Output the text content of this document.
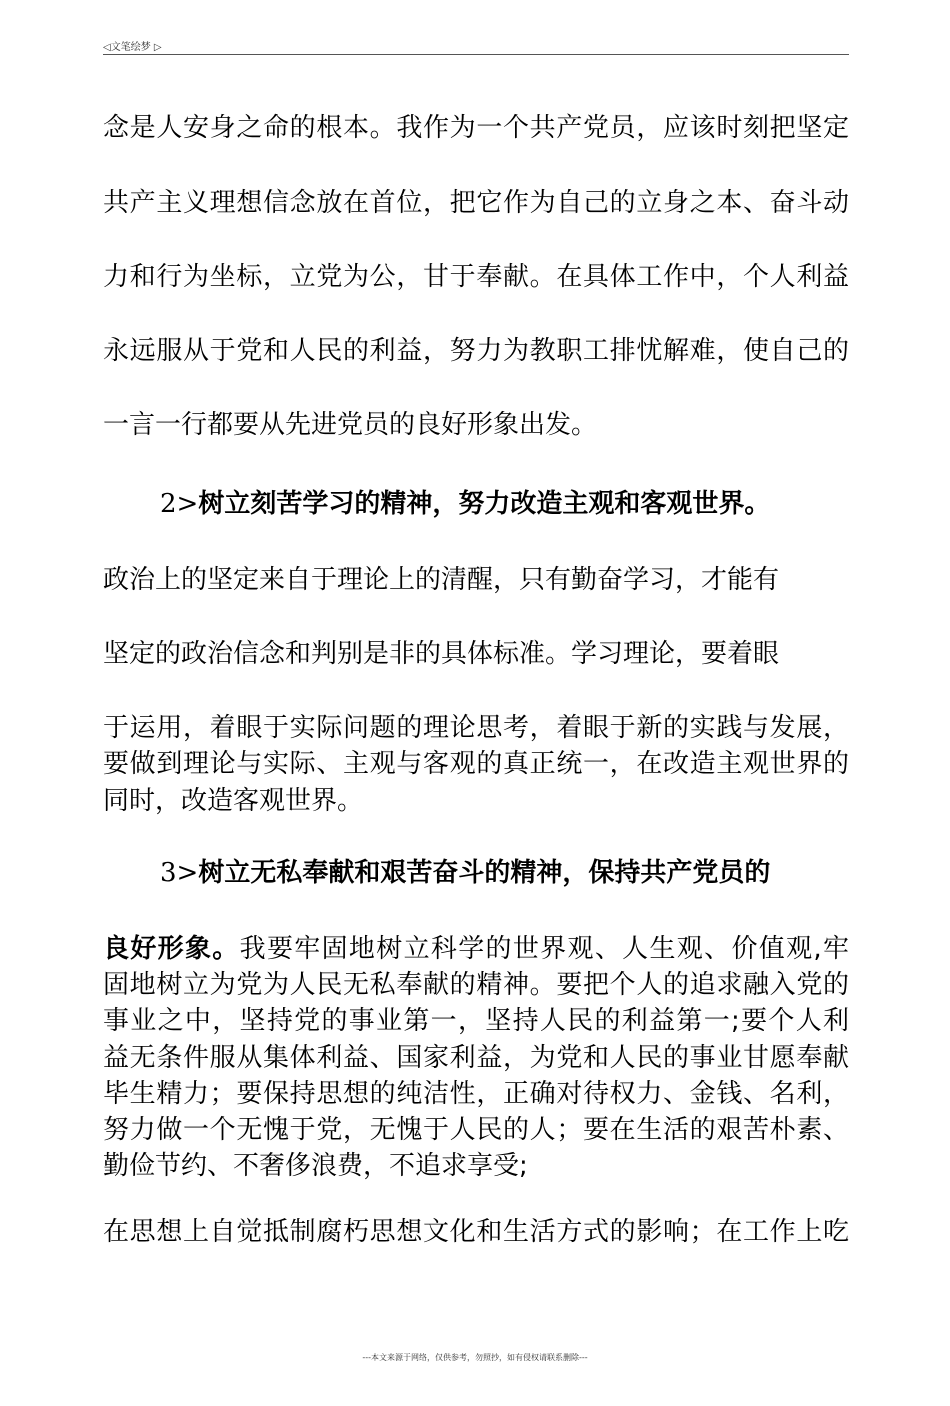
◁文笔绘梦 ▷
念是人安身之命的根本。我作为一个共产党员，应该时刻把坚定
共产主义理想信念放在首位，把它作为自己的立身之本、奋斗动
力和行为坐标，立党为公，甘于奉献。在具体工作中，个人利益
永远服从于党和人民的利益，努力为教职工排忧解难，使自己的
一言一行都要从先进党员的良好形象出发。
2>树立刻苦学习的精神，努力改造主观和客观世界。
政治上的坚定来自于理论上的清醒，只有勤奋学习，才能有
坚定的政治信念和判别是非的具体标准。学习理论，要着眼
于运用，着眼于实际问题的理论思考，着眼于新的实践与发展，
要做到理论与实际、主观与客观的真正统一，在改造主观世界的
同时，改造客观世界。
3>树立无私奉献和艰苦奋斗的精神，保持共产党员的
良好形象。我要牢固地树立科学的世界观、人生观、价值观,牢
固地树立为党为人民无私奉献的精神。要把个人的追求融入党的
事业之中，坚持党的事业第一，坚持人民的利益第一;要个人利
益无条件服从集体利益、国家利益，为党和人民的事业甘愿奉献
毕生精力；要保持思想的纯洁性，正确对待权力、金钱、名利，
努力做一个无愧于党，无愧于人民的人；要在生活的艰苦朴素、
勤俭节约、不奢侈浪费，不追求享受;
在思想上自觉抵制腐朽思想文化和生活方式的影响；在工作上吃
---本文来源于网络，仅供参考，勿照抄，如有侵权请联系删除---
